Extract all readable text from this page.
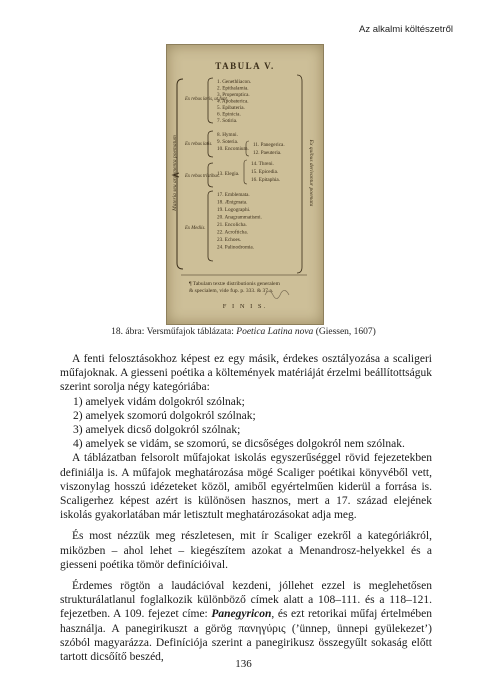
Az alkalmi költészetről
TABULA V.
Materia seu argumenta poematum	Ex quibus derivantur poemata
Ex rebus lætis, ut funt.
Ex rebus latis.
Ex rebus tristibus.
Ex Mediis.
1. Genethliacon.
2. Epithalamia.
3. Propemptica.
4. Apobaterica.
5. Epibateria.
6. Epinicia.
7. Sotiria.
8. Hymni.
9. Soteria.
10. Encomium.
11. Panegerica.
12. Paeuteria.
14. Threni.
13. Elegia. 15. Epicedia.
16. Epitaphia.
17. Emblemata.
18. Ænigmata.
19. Logographi.
20. Anagrammatismi.
21. Encolicha.
22. Acrofticha.
23. Echoes.
24. Palinodromia.
¶ Tabulam textæ distributionis generalem
& specialem, vide fup. p. 333. & 37 a.
F I N I S.
18. ábra: Versműfajok táblázata: Poetica Latina nova (Giessen, 1607)

A fenti felosztásokhoz képest ez egy másik, érdekes osztályozása a scaligeri műfajoknak. A giesseni poétika a költemények matériáját érzelmi beállítottságuk szerint sorolja négy kategóriába:

1) amelyek vidám dolgokról szólnak;

2) amelyek szomorú dolgokról szólnak;

3) amelyek dicső dolgokról szólnak;

4) amelyek se vidám, se szomorú, se dicsőséges dolgokról nem szólnak.

A táblázatban felsorolt műfajokat iskolás egyszerűséggel rövid fejezetekben definiálja is. A műfajok meghatározása mögé Scaliger poétikai könyvéből vett, viszonylag hosszú idézeteket közöl, amiből egyértelműen kiderül a forrása is. Scaligerhez képest azért is különösen hasznos, mert a 17. század elejének iskolás gyakorlatában már letisztult meghatározásokat adja meg.

És most nézzük meg részletesen, mit ír Scaliger ezekről a kategóriákról, miközben – ahol lehet – kiegészítem azokat a Menandrosz-helyekkel és a giesseni poétika tömör definícióival.

Érdemes rögtön a laudációval kezdeni, jóllehet ezzel is meglehetősen strukturálatlanul foglalkozik különböző címek alatt a 108–111. és a 118–121. fejezetben. A 109. fejezet címe: Panegyricon, és ezt retorikai műfaj értelmében használja. A panegirikuszt a görög πανηγύρις (’ünnep, ünnepi gyülekezet’) szóból magyarázza. Definíciója szerint a panegirikusz összegyűlt sokaság előtt tartott dicsőítő beszéd,

136
